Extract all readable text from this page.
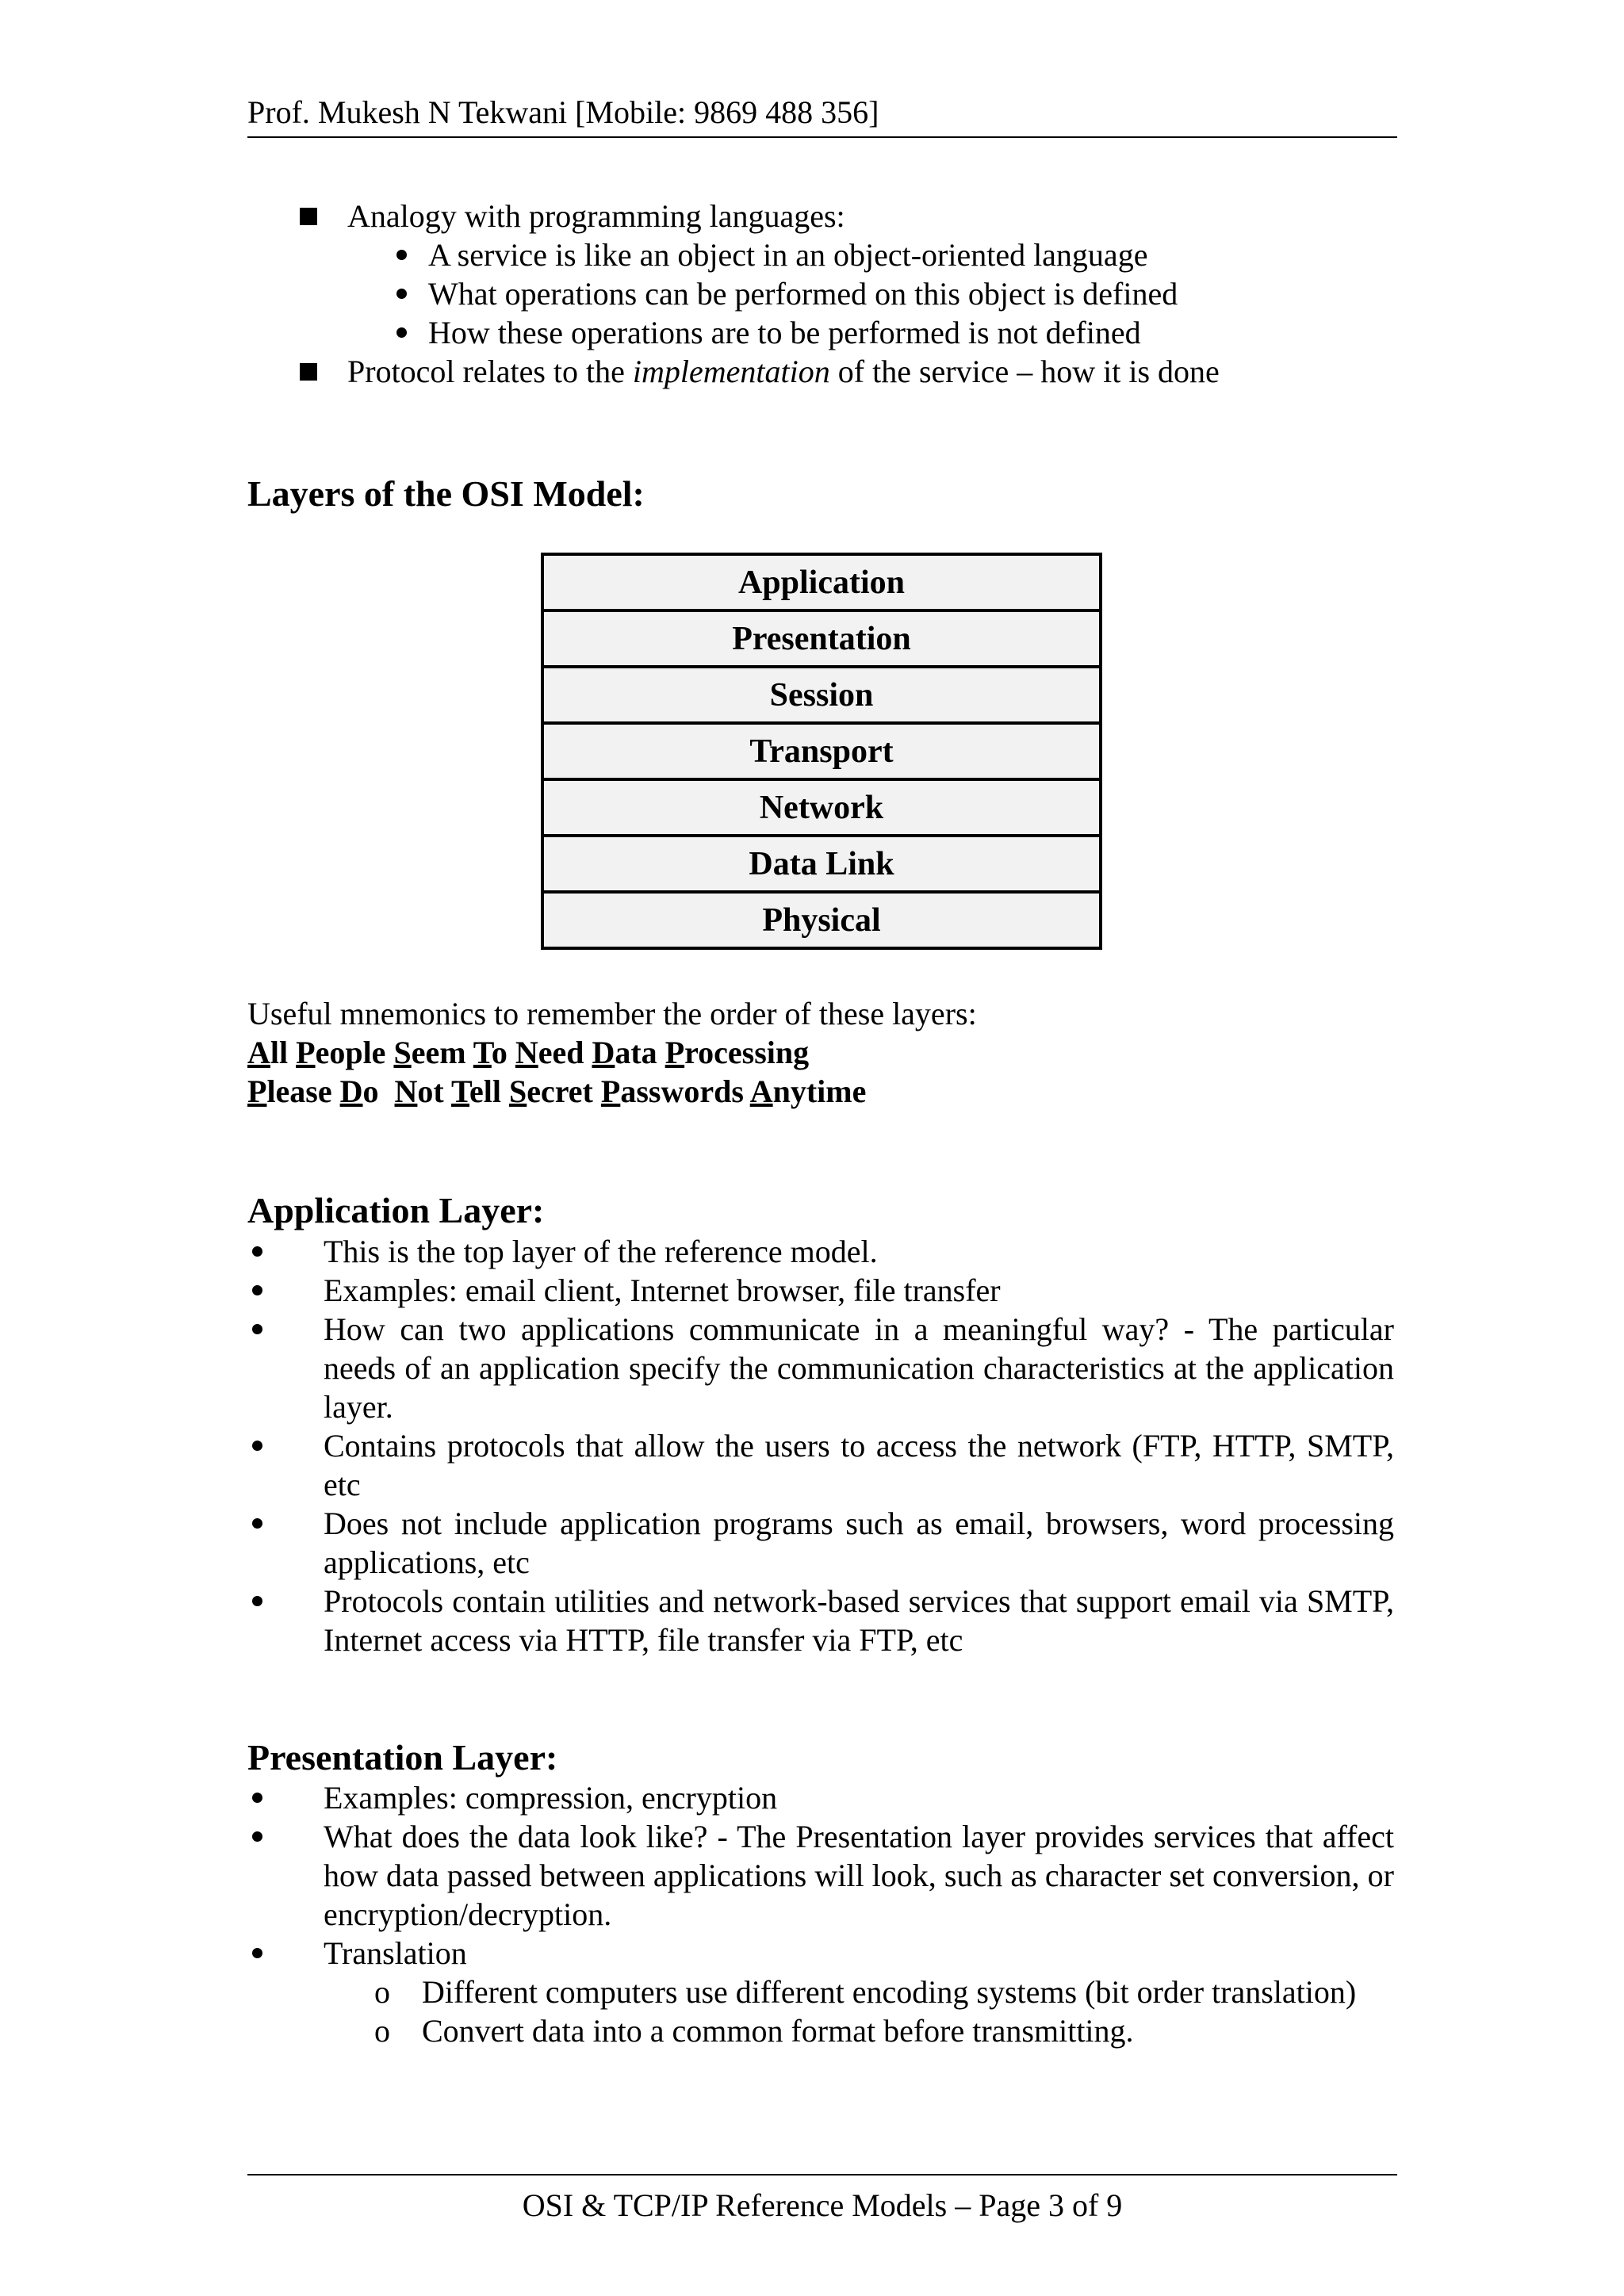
Prof. Mukesh N Tekwani [Mobile: 9869 488 356]
Analogy with programming languages:
A service is like an object in an object-oriented language
What operations can be performed on this object is defined
How these operations are to be performed is not defined
Protocol relates to the implementation of the service – how it is done
Layers of the OSI Model:
Application
Presentation
Session
Transport
Network
Data Link
Physical
Useful mnemonics to remember the order of these layers:
All People Seem To Need Data Processing
Please Do  Not Tell Secret Passwords Anytime
Application Layer:
This is the top layer of the reference model.
Examples: email client, Internet browser, file transfer
How can two applications communicate in a meaningful way? - The particular needs of an application specify the communication characteristics at the application layer.
Contains protocols that allow the users to access the network (FTP, HTTP, SMTP, etc
Does not include application programs such as email, browsers, word processing applications, etc
Protocols contain utilities and network-based services that support email via SMTP, Internet access via HTTP, file transfer via FTP, etc
Presentation Layer:
Examples: compression, encryption
What does the data look like? - The Presentation layer provides services that affect how data passed between applications will look, such as character set conversion, or encryption/decryption.
Translation
o Different computers use different encoding systems (bit order translation)
o Convert data into a common format before transmitting.
OSI & TCP/IP Reference Models – Page 3 of 9
